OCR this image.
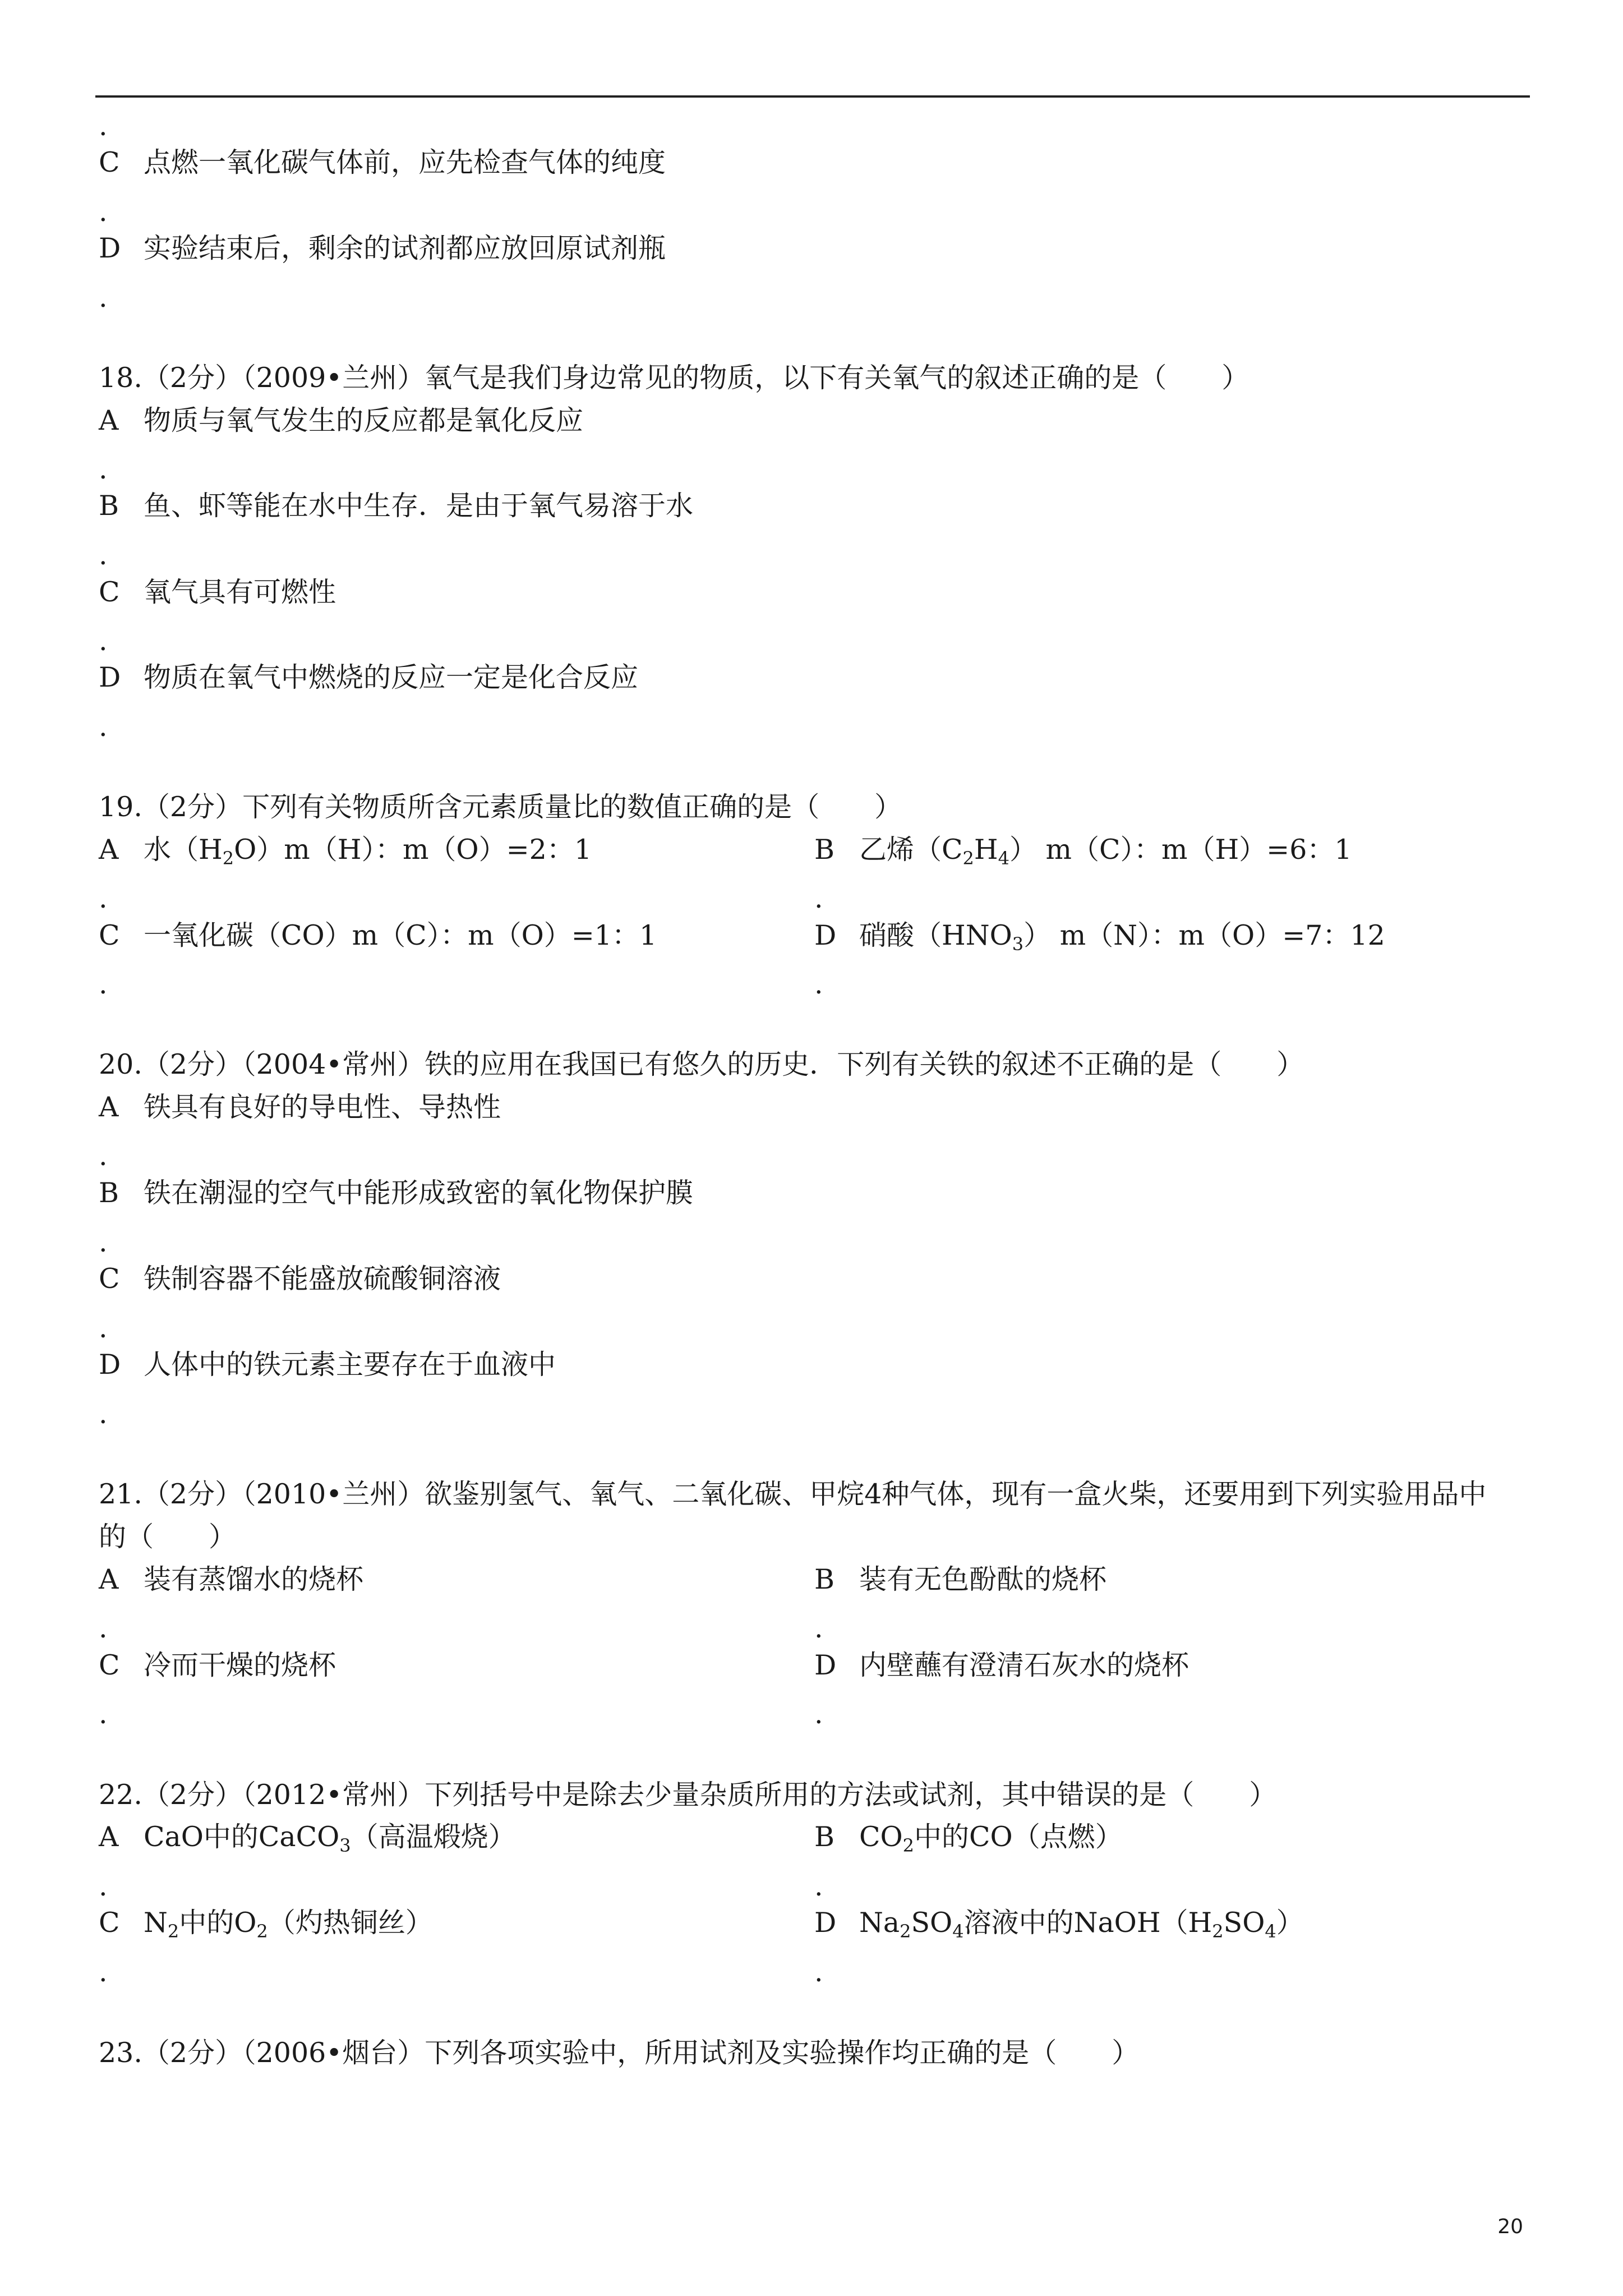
.
C 点燃一氧化碳气体前，应先检查气体的纯度
.
D 实验结束后，剩余的试剂都应放回原试剂瓶
.
18.（2分）（2009•兰州）氧气是我们身边常见的物质，以下有关氧气的叙述正确的是（　　）
A 物质与氧气发生的反应都是氧化反应
.
B 鱼、虾等能在水中生存．是由于氧气易溶于水
.
C 氧气具有可燃性
.
D 物质在氧气中燃烧的反应一定是化合反应
.
19.（2分）下列有关物质所含元素质量比的数值正确的是（　　）
A 水$(H_2O)m(H)$：m（O）=2：1	B 乙烯$(C_2H_4)$ m（C）：m（H）=6：1
.	.
C 一氧化碳（CO）m（C）：m（O）=1：1	D 硝酸$(HNO_3)$ m（N）：m（O）=7：12
.	.
20.（2分）（2004•常州）铁的应用在我国已有悠久的历史．下列有关铁的叙述不正确的是（　　）
A 铁具有良好的导电性、导热性
.
B 铁在潮湿的空气中能形成致密的氧化物保护膜
.
C 铁制容器不能盛放硫酸铜溶液
.
D 人体中的铁元素主要存在于血液中
.
21.（2分）（2010•兰州）欲鉴别氢气、氧气、二氧化碳、甲烷4种气体，现有一盒火柴，还要用到下列实验用品中
的（　　）
A 装有蒸馏水的烧杯	B 装有无色酚酞的烧杯
.	.
C 冷而干燥的烧杯	D 内壁蘸有澄清石灰水的烧杯
.	.
22.（2分）（2012•常州）下列括号中是除去少量杂质所用的方法或试剂，其中错误的是（　　）
A CaO中的CaCO$_3$（高温煅烧）	B $CO_2$中的CO（点燃）
.	.
C $N_2$中的$O_2$（灼热铜丝）	D $Na_2SO_4$溶液中的$NaOH(H_2SO_4)$
.	.
23.（2分）（2006•烟台）下列各项实验中，所用试剂及实验操作均正确的是（　　）
20
